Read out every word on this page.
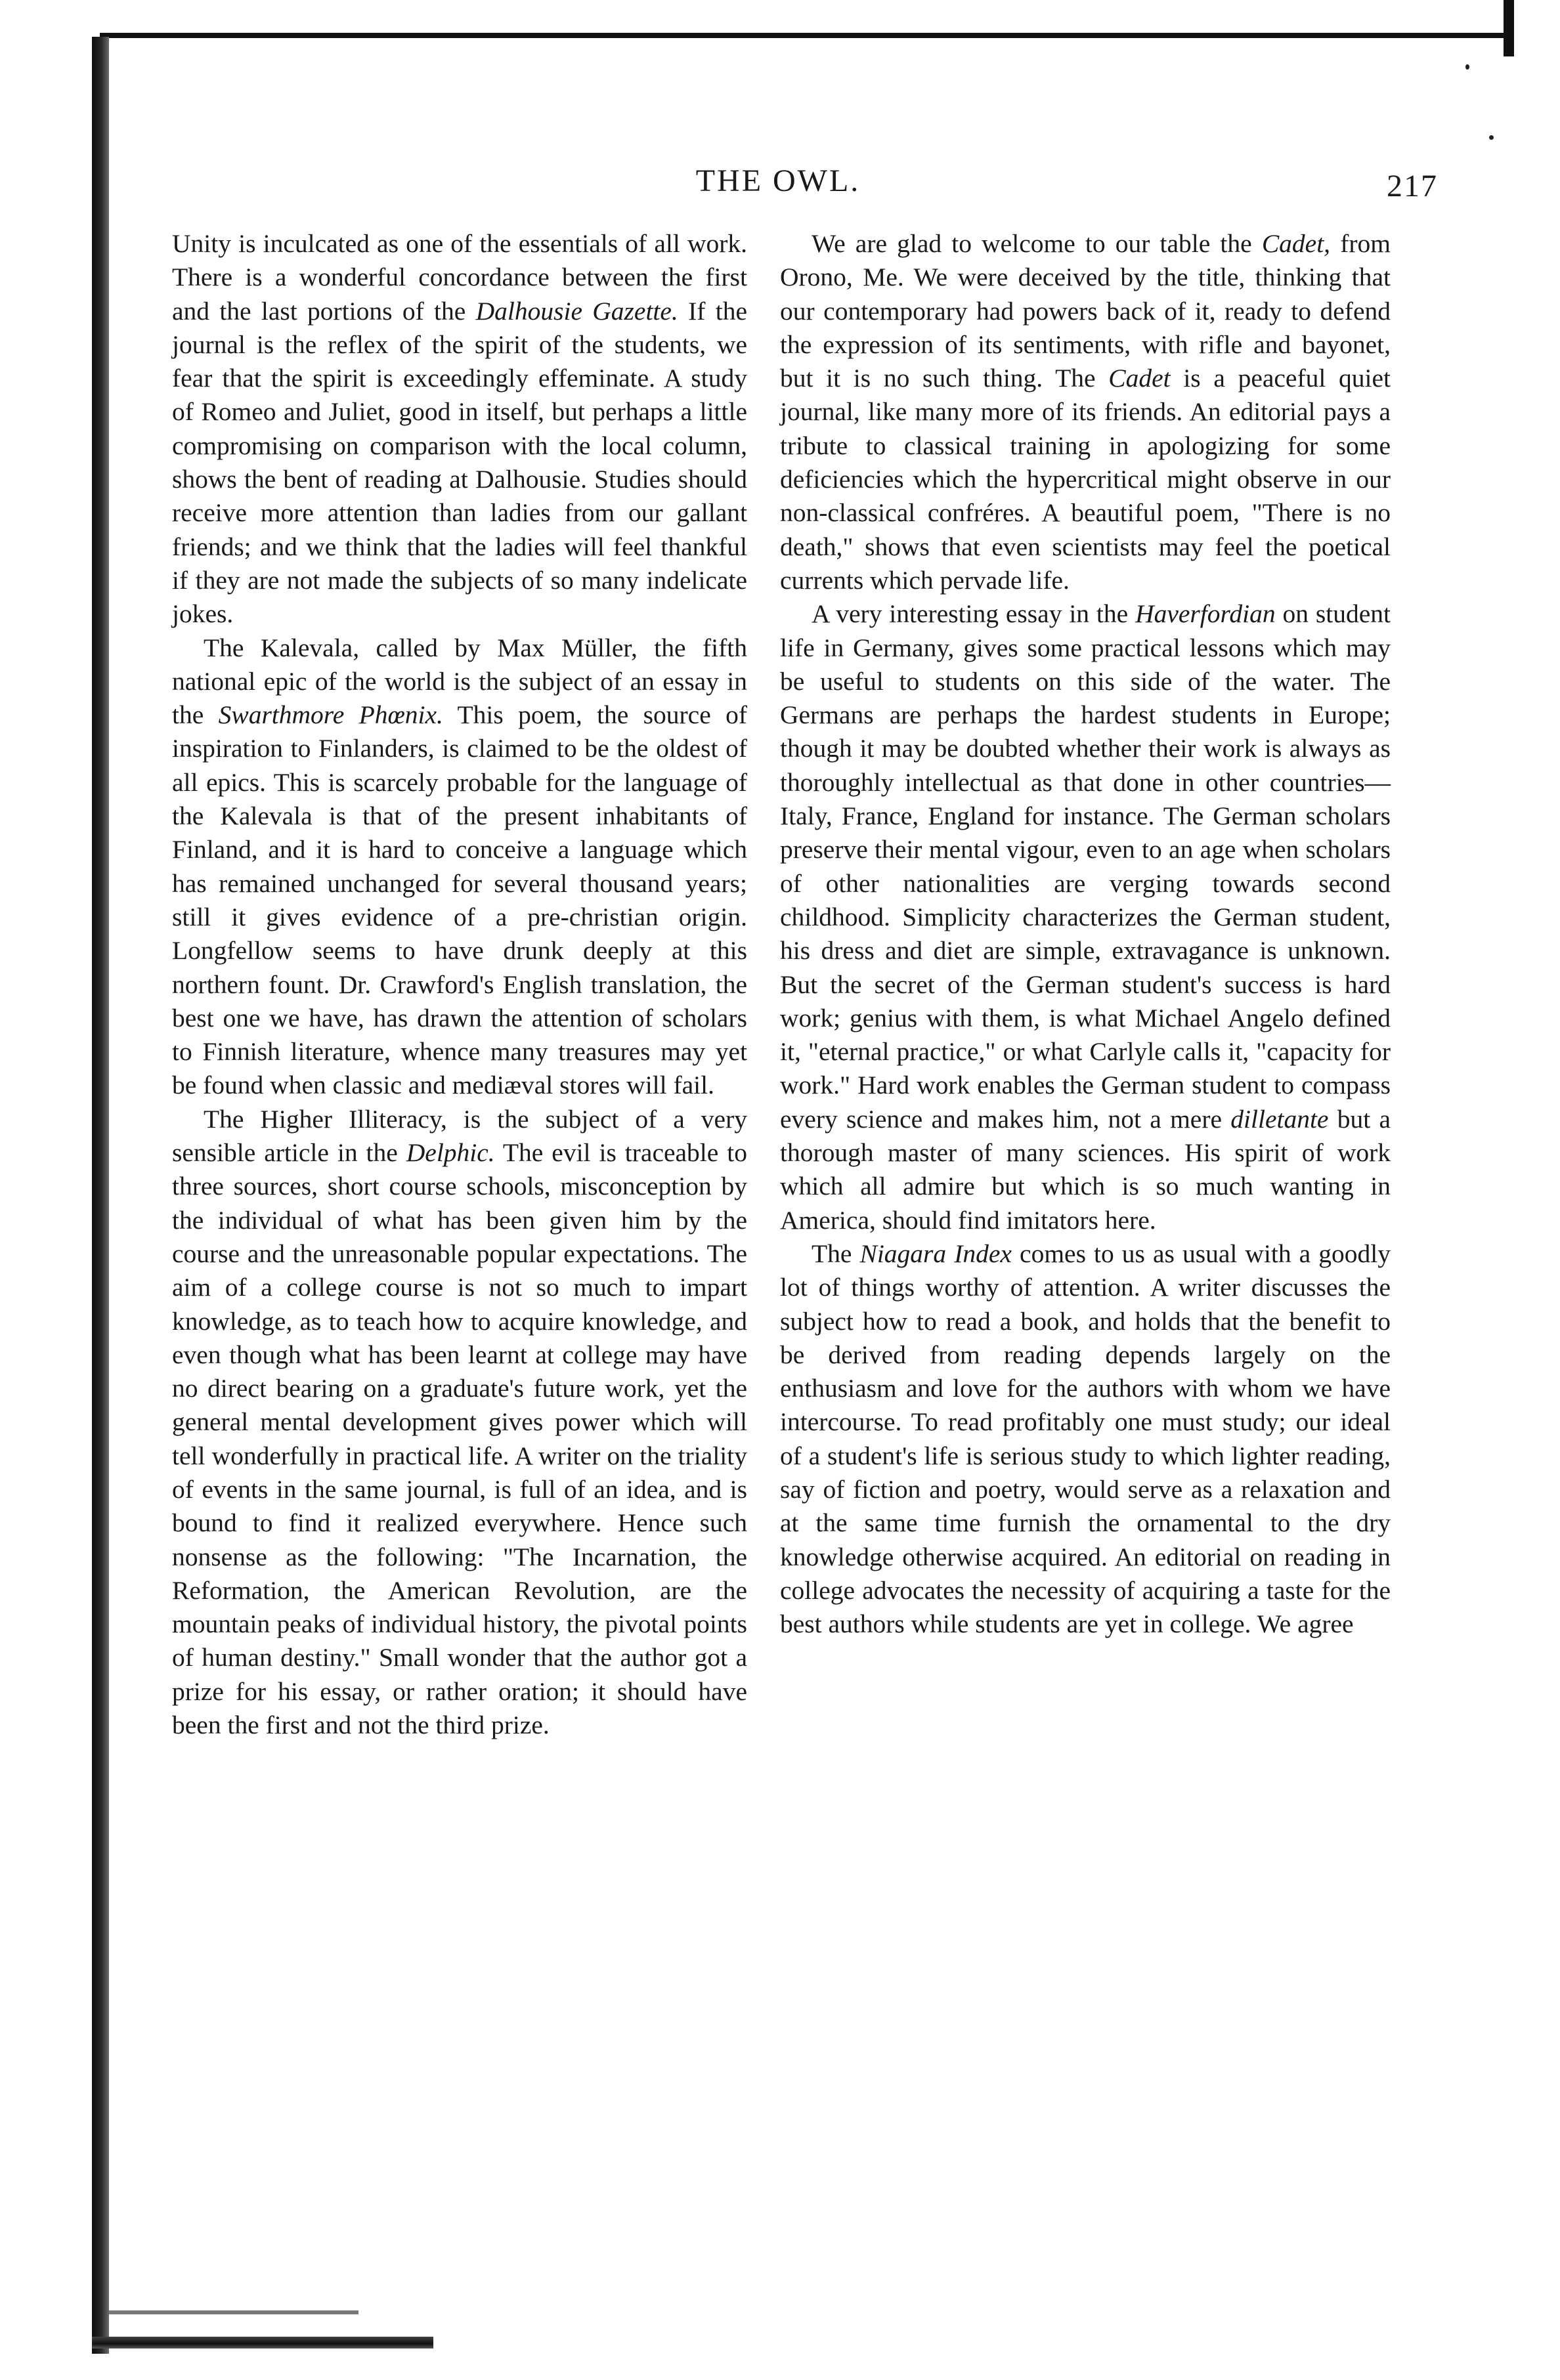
THE OWL.	217

Unity is inculcated as one of the essentials of all work. There is a wonderful concordance between the first and the last portions of the Dalhousie Gazette. If the journal is the reflex of the spirit of the students, we fear that the spirit is exceedingly effeminate. A study of Romeo and Juliet, good in itself, but perhaps a little compromising on comparison with the local column, shows the bent of reading at Dalhousie. Studies should receive more attention than ladies from our gallant friends; and we think that the ladies will feel thankful if they are not made the subjects of so many indelicate jokes.

The Kalevala, called by Max Müller, the fifth national epic of the world is the subject of an essay in the Swarthmore Phœnix. This poem, the source of inspiration to Finlanders, is claimed to be the oldest of all epics. This is scarcely probable for the language of the Kalevala is that of the present inhabitants of Finland, and it is hard to conceive a language which has remained unchanged for several thousand years; still it gives evidence of a pre-christian origin. Longfellow seems to have drunk deeply at this northern fount. Dr. Crawford's English translation, the best one we have, has drawn the attention of scholars to Finnish literature, whence many treasures may yet be found when classic and mediæval stores will fail.

The Higher Illiteracy, is the subject of a very sensible article in the Delphic. The evil is traceable to three sources, short course schools, misconception by the individual of what has been given him by the course and the unreasonable popular expectations. The aim of a college course is not so much to impart knowledge, as to teach how to acquire knowledge, and even though what has been learnt at college may have no direct bearing on a graduate's future work, yet the general mental development gives power which will tell wonderfully in practical life. A writer on the triality of events in the same journal, is full of an idea, and is bound to find it realized everywhere. Hence such nonsense as the following: "The Incarnation, the Reformation, the American Revolution, are the mountain peaks of individual history, the pivotal points of human destiny." Small wonder that the author got a prize for his essay, or rather oration; it should have been the first and not the third prize.

We are glad to welcome to our table the Cadet, from Orono, Me. We were deceived by the title, thinking that our contemporary had powers back of it, ready to defend the expression of its sentiments, with rifle and bayonet, but it is no such thing. The Cadet is a peaceful quiet journal, like many more of its friends. An editorial pays a tribute to classical training in apologizing for some deficiencies which the hypercritical might observe in our non-classical confréres. A beautiful poem, "There is no death," shows that even scientists may feel the poetical currents which pervade life.

A very interesting essay in the Haverfordian on student life in Germany, gives some practical lessons which may be useful to students on this side of the water. The Germans are perhaps the hardest students in Europe; though it may be doubted whether their work is always as thoroughly intellectual as that done in other countries—Italy, France, England for instance. The German scholars preserve their mental vigour, even to an age when scholars of other nationalities are verging towards second childhood. Simplicity characterizes the German student, his dress and diet are simple, extravagance is unknown. But the secret of the German student's success is hard work; genius with them, is what Michael Angelo defined it, "eternal practice," or what Carlyle calls it, "capacity for work." Hard work enables the German student to compass every science and makes him, not a mere dilletante but a thorough master of many sciences. His spirit of work which all admire but which is so much wanting in America, should find imitators here.

The Niagara Index comes to us as usual with a goodly lot of things worthy of attention. A writer discusses the subject how to read a book, and holds that the benefit to be derived from reading depends largely on the enthusiasm and love for the authors with whom we have intercourse. To read profitably one must study; our ideal of a student's life is serious study to which lighter reading, say of fiction and poetry, would serve as a relaxation and at the same time furnish the ornamental to the dry knowledge otherwise acquired. An editorial on reading in college advocates the necessity of acquiring a taste for the best authors while students are yet in college. We agree
